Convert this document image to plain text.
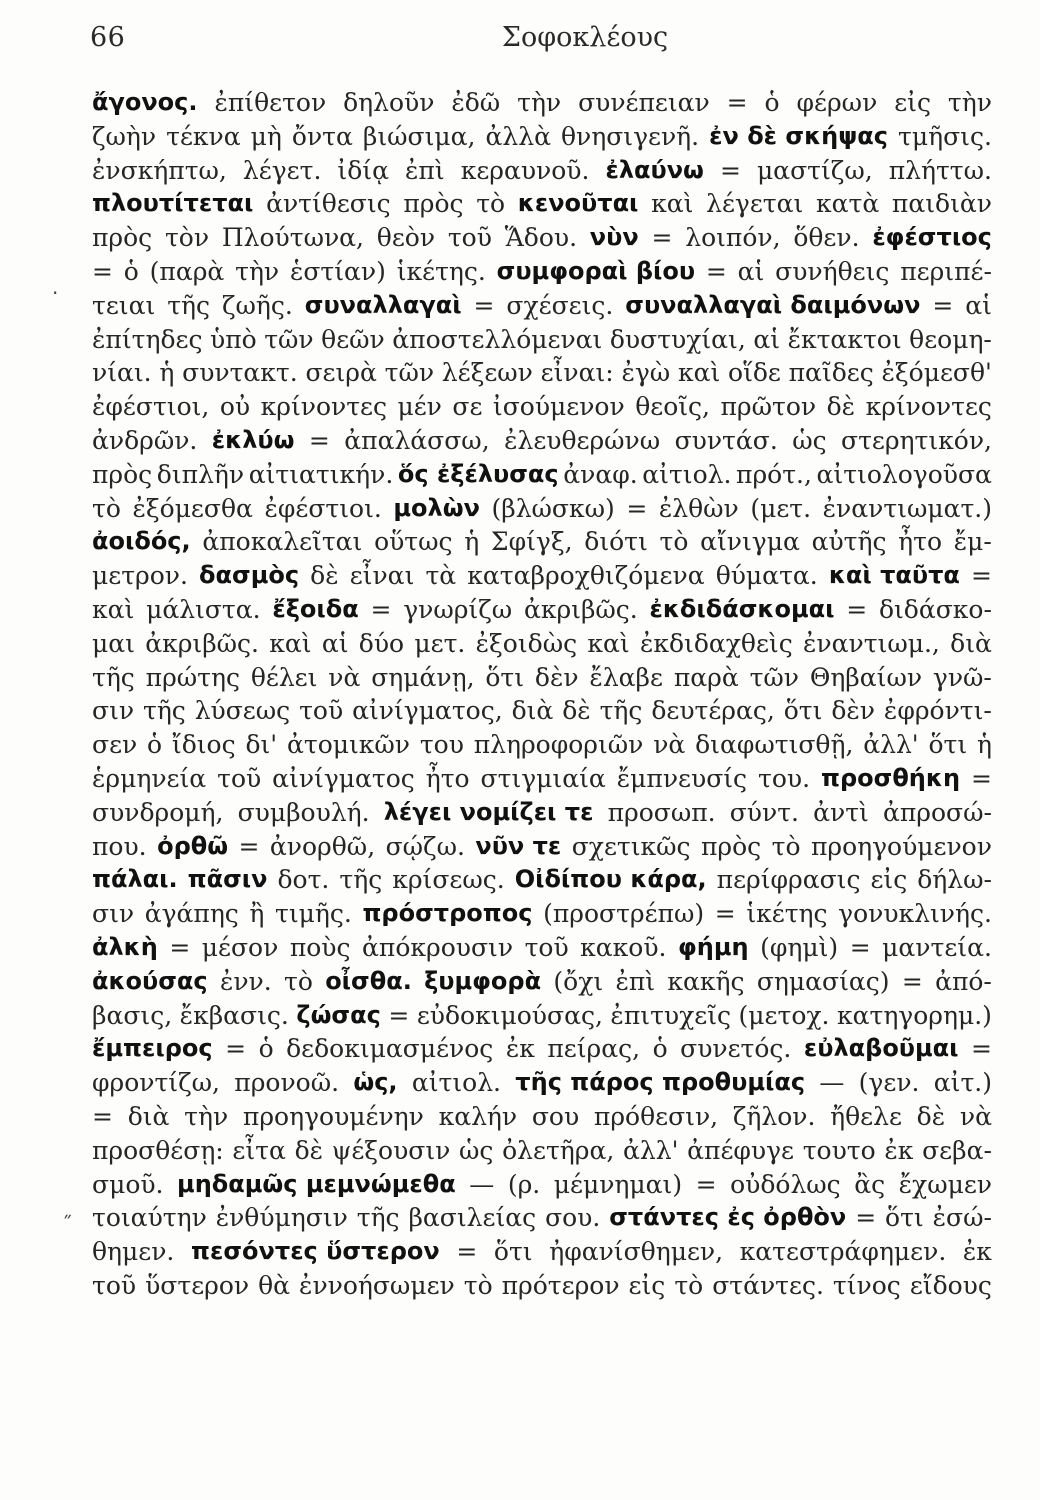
66	Σοφοκλέους
ἄγονος. ἐπίθετον δηλοῦν ἐδῶ τὴν συνέπειαν = ὁ φέρων εἰς τὴν
ζωὴν τέκνα μὴ ὄντα βιώσιμα, ἀλλὰ θνησιγενῆ. ἐν δὲ σκήψας τμῆσις.
ἐνσκήπτω, λέγετ. ἰδίᾳ ἐπὶ κεραυνοῦ. ἐλαύνω = μαστίζω, πλήττω.
πλουτίτεται ἀντίθεσις πρὸς τὸ κενοῦται καὶ λέγεται κατὰ παιδιὰν
πρὸς τὸν Πλούτωνα, θεὸν τοῦ Ἅδου. νὺν = λοιπόν, ὅθεν. ἐφέστιος
= ὁ (παρὰ τὴν ἑστίαν) ἱκέτης. συμφοραὶ βίου = αἱ συνήθεις περιπέ-
τειαι τῆς ζωῆς. συναλλαγαὶ = σχέσεις. συναλλαγαὶ δαιμόνων = αἱ
ἐπίτηδες ὑπὸ τῶν θεῶν ἀποστελλόμεναι δυστυχίαι, αἱ ἔκτακτοι θεομη-
νίαι. ἡ συντακτ. σειρὰ τῶν λέξεων εἶναι: ἐγὼ καὶ οἵδε παῖδες ἐξόμεσθ'
ἐφέστιοι, οὐ κρίνοντες μέν σε ἰσούμενον θεοῖς, πρῶτον δὲ κρίνοντες
ἀνδρῶν. ἐκλύω = ἀπαλάσσω, ἐλευθερώνω συντάσ. ὡς στερητικόν,
πρὸς διπλῆν αἰτιατικήν. ὅς ἐξέλυσας ἀναφ. αἰτιολ. πρότ., αἰτιολογοῦσα
τὸ ἐξόμεσθα ἐφέστιοι. μολὼν (βλώσκω) = ἐλθὼν (μετ. ἐναντιωματ.)
ἀοιδός, ἀποκαλεῖται οὕτως ἡ Σφίγξ, διότι τὸ αἴνιγμα αὐτῆς ἦτο ἔμ-
μετρον. δασμὸς δὲ εἶναι τὰ καταβροχθιζόμενα θύματα. καὶ ταῦτα =
καὶ μάλιστα. ἔξοιδα = γνωρίζω ἀκριβῶς. ἐκδιδάσκομαι = διδάσκο-
μαι ἀκριβῶς. καὶ αἱ δύο μετ. ἐξοιδὼς καὶ ἐκδιδαχθεὶς ἐναντιωμ., διὰ
τῆς πρώτης θέλει νὰ σημάνῃ, ὅτι δὲν ἔλαβε παρὰ τῶν Θηβαίων γνῶ-
σιν τῆς λύσεως τοῦ αἰνίγματος, διὰ δὲ τῆς δευτέρας, ὅτι δὲν ἐφρόντι-
σεν ὁ ἴδιος δι' ἀτομικῶν του πληροφοριῶν νὰ διαφωτισθῇ, ἀλλ' ὅτι ἡ
ἑρμηνεία τοῦ αἰνίγματος ἦτο στιγμιαία ἔμπνευσίς του. προσθήκη =
συνδρομή, συμβουλή. λέγει νομίζει τε προσωπ. σύντ. ἀντὶ ἀπροσώ-
που. ὀρθῶ = ἀνορθῶ, σῴζω. νῦν τε σχετικῶς πρὸς τὸ προηγούμενον
πάλαι. πᾶσιν δοτ. τῆς κρίσεως. Οἰδίπου κάρα, περίφρασις εἰς δήλω-
σιν ἀγάπης ἢ τιμῆς. πρόστροπος (προστρέπω) = ἱκέτης γονυκλινής.
ἀλκὴ = μέσον ποὺς ἀπόκρουσιν τοῦ κακοῦ. φήμη (φημὶ) = μαντεία.
ἀκούσας ἐνν. τὸ οἶσθα. ξυμφορὰ (ὄχι ἐπὶ κακῆς σημασίας) = ἀπό-
βασις, ἔκβασις. ζώσας = εὐδοκιμούσας, ἐπιτυχεῖς (μετοχ. κατηγορημ.)
ἔμπειρος = ὁ δεδοκιμασμένος ἐκ πείρας, ὁ συνετός. εὐλαβοῦμαι =
φροντίζω, προνοῶ. ὡς, αἰτιολ. τῆς πάρος προθυμίας — (γεν. αἰτ.)
= διὰ τὴν προηγουμένην καλήν σου πρόθεσιν, ζῆλον. ἤθελε δὲ νὰ
προσθέσῃ: εἶτα δὲ ψέξουσιν ὡς ὀλετῆρα, ἀλλ' ἀπέφυγε τουτο ἐκ σεβα-
σμοῦ. μηδαμῶς μεμνώμεθα — (ρ. μέμνημαι) = οὐδόλως ἂς ἔχωμεν
τοιαύτην ἐνθύμησιν τῆς βασιλείας σου. στάντες ἐς ὀρθὸν = ὅτι ἐσώ-
θημεν. πεσόντες ὕστερον = ὅτι ἠφανίσθημεν, κατεστράφημεν. ἐκ
τοῦ ὕστερον θὰ ἐννοήσωμεν τὸ πρότερον εἰς τὸ στάντες. τίνος εἴδους
.
˝
